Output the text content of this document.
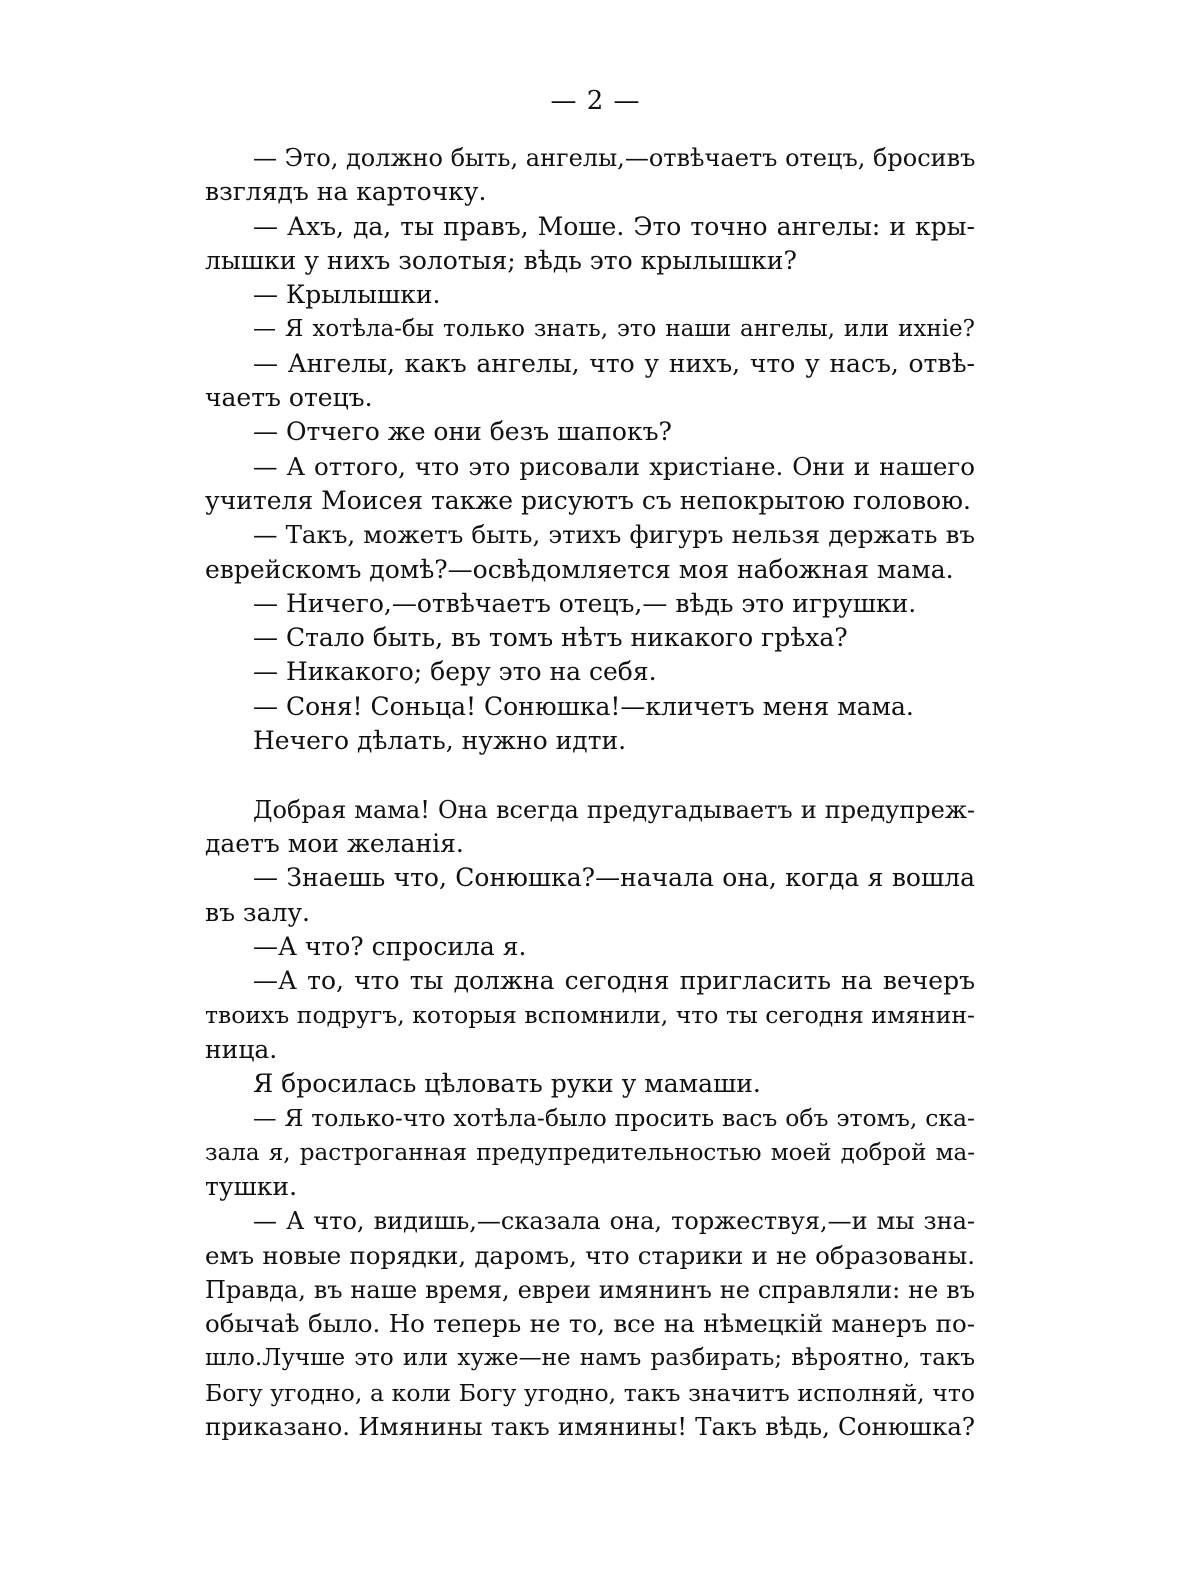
— 2 —
— Это, должно быть, ангелы,—отвѣчаетъ отецъ, бросивъ
взглядъ на карточку.
— Ахъ, да, ты правъ, Моше. Это точно ангелы: и кры-
лышки у нихъ золотыя; вѣдь это крылышки?
— Крылышки.
— Я хотѣла-бы только знать, это наши ангелы, или ихніе?
— Ангелы, какъ ангелы, что у нихъ, что у насъ, отвѣ-
чаетъ отецъ.
— Отчего же они безъ шапокъ?
— А оттого, что это рисовали христіане. Они и нашего
учителя Моисея также рисуютъ съ непокрытою головою.
— Такъ, можетъ быть, этихъ фигуръ нельзя держать въ
еврейскомъ домѣ?—освѣдомляется моя набожная мама.
— Ничего,—отвѣчаетъ отецъ,— вѣдь это игрушки.
— Стало быть, въ томъ нѣтъ никакого грѣха?
— Никакого; беру это на себя.
— Соня! Соньца! Сонюшка!—кличетъ меня мама.
Нечего дѣлать, нужно идти.
Добрая мама! Она всегда предугадываетъ и предупреж-
даетъ мои желанія.
— Знаешь что, Сонюшка?—начала она, когда я вошла
въ залу.
—А что? спросила я.
—А то, что ты должна сегодня пригласить на вечеръ
твоихъ подругъ, которыя вспомнили, что ты сегодня имянин-
ница.
Я бросилась цѣловать руки у мамаши.
— Я только-что хотѣла-было просить васъ объ этомъ, ска-
зала я, растроганная предупредительностью моей доброй ма-
тушки.
— А что, видишь,—сказала она, торжествуя,—и мы зна-
емъ новые порядки, даромъ, что старики и не образованы.
Правда, въ наше время, евреи имянинъ не справляли: не въ
обычаѣ было. Но теперь не то, все на нѣмецкій манеръ по-
шло.Лучше это или хуже—не намъ разбирать; вѣроятно, такъ
Богу угодно, а коли Богу угодно, такъ значитъ исполняй, что
приказано. Имянины такъ имянины! Такъ вѣдь, Сонюшка?
